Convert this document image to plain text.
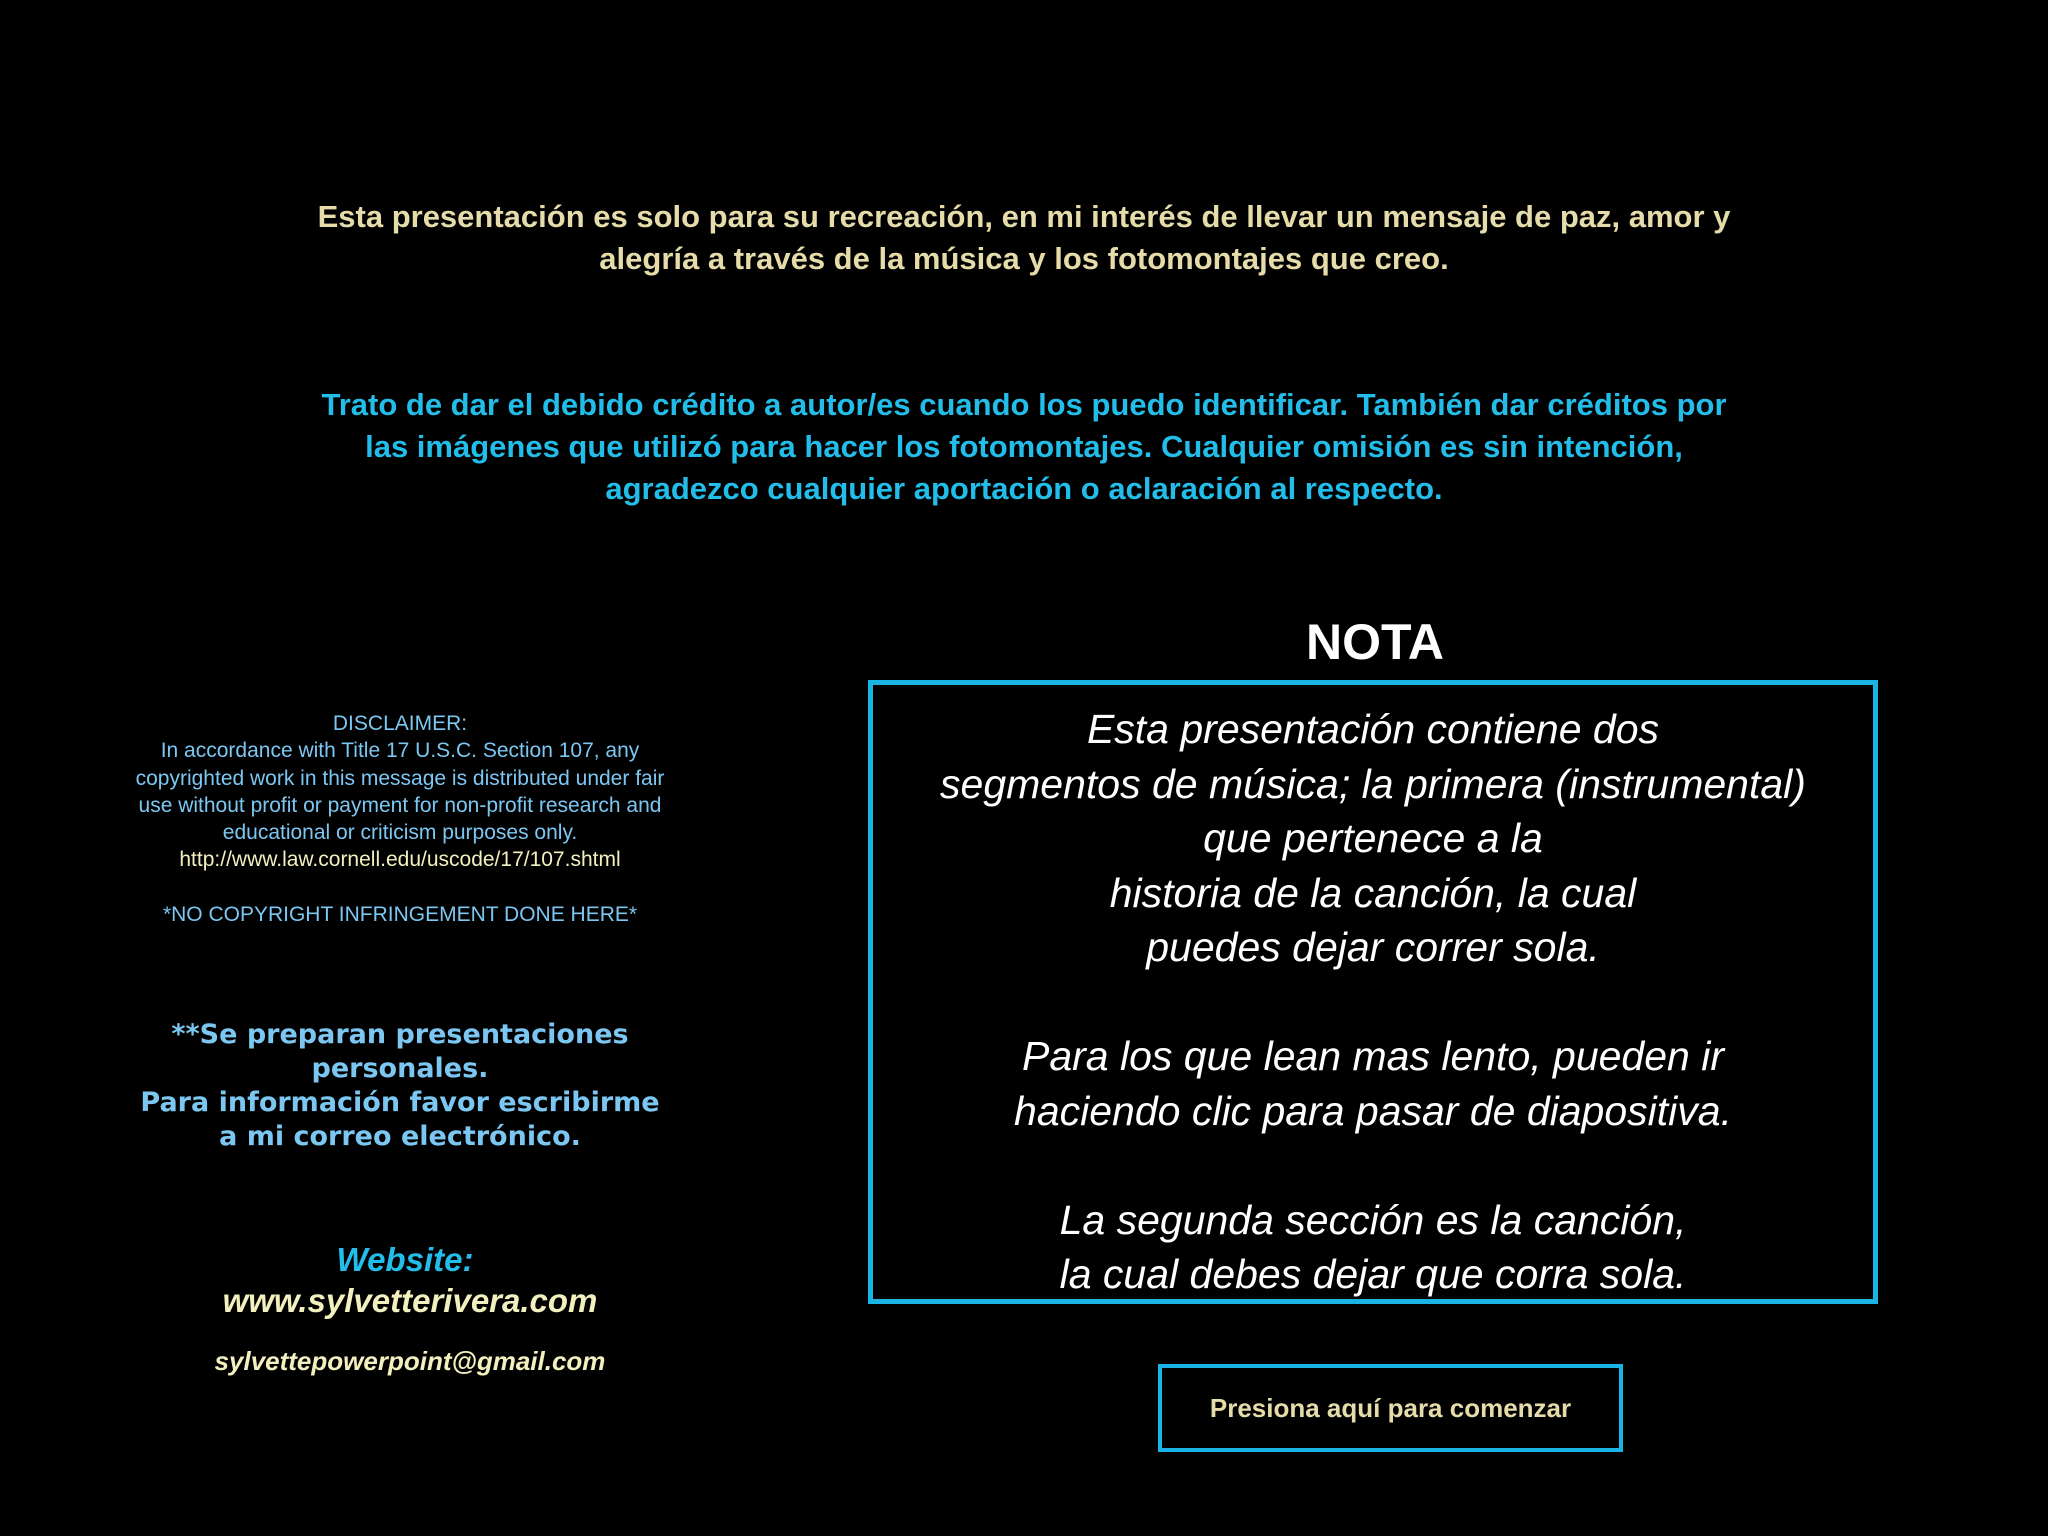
Esta presentación es solo para su recreación, en mi interés de llevar un mensaje de paz, amor y
alegría a través de la música y los fotomontajes que creo.
Trato de dar el debido crédito a autor/es cuando los puedo identificar. También dar créditos por
las imágenes que utilizó para hacer los fotomontajes. Cualquier omisión es sin intención,
agradezco cualquier aportación o aclaración al respecto.
DISCLAIMER:
In accordance with Title 17 U.S.C. Section 107, any
copyrighted work in this message is distributed under fair
use without profit or payment for non-profit research and
educational or criticism purposes only.
http://www.law.cornell.edu/uscode/17/107.shtml
*NO COPYRIGHT INFRINGEMENT DONE HERE*
**Se preparan presentaciones
personales.
Para información favor escribirme
a mi correo electrónico.
Website:
www.sylvetterivera.com
sylvettepowerpoint@gmail.com
NOTA
Esta presentación contiene dos
segmentos de música; la primera (instrumental)
que pertenece a la
historia de la canción, la cual
puedes dejar correr sola.
Para los que lean mas lento, pueden ir
haciendo clic para pasar de diapositiva.
La segunda sección es la canción,
la cual debes dejar que corra sola.
Presiona aquí para comenzar
